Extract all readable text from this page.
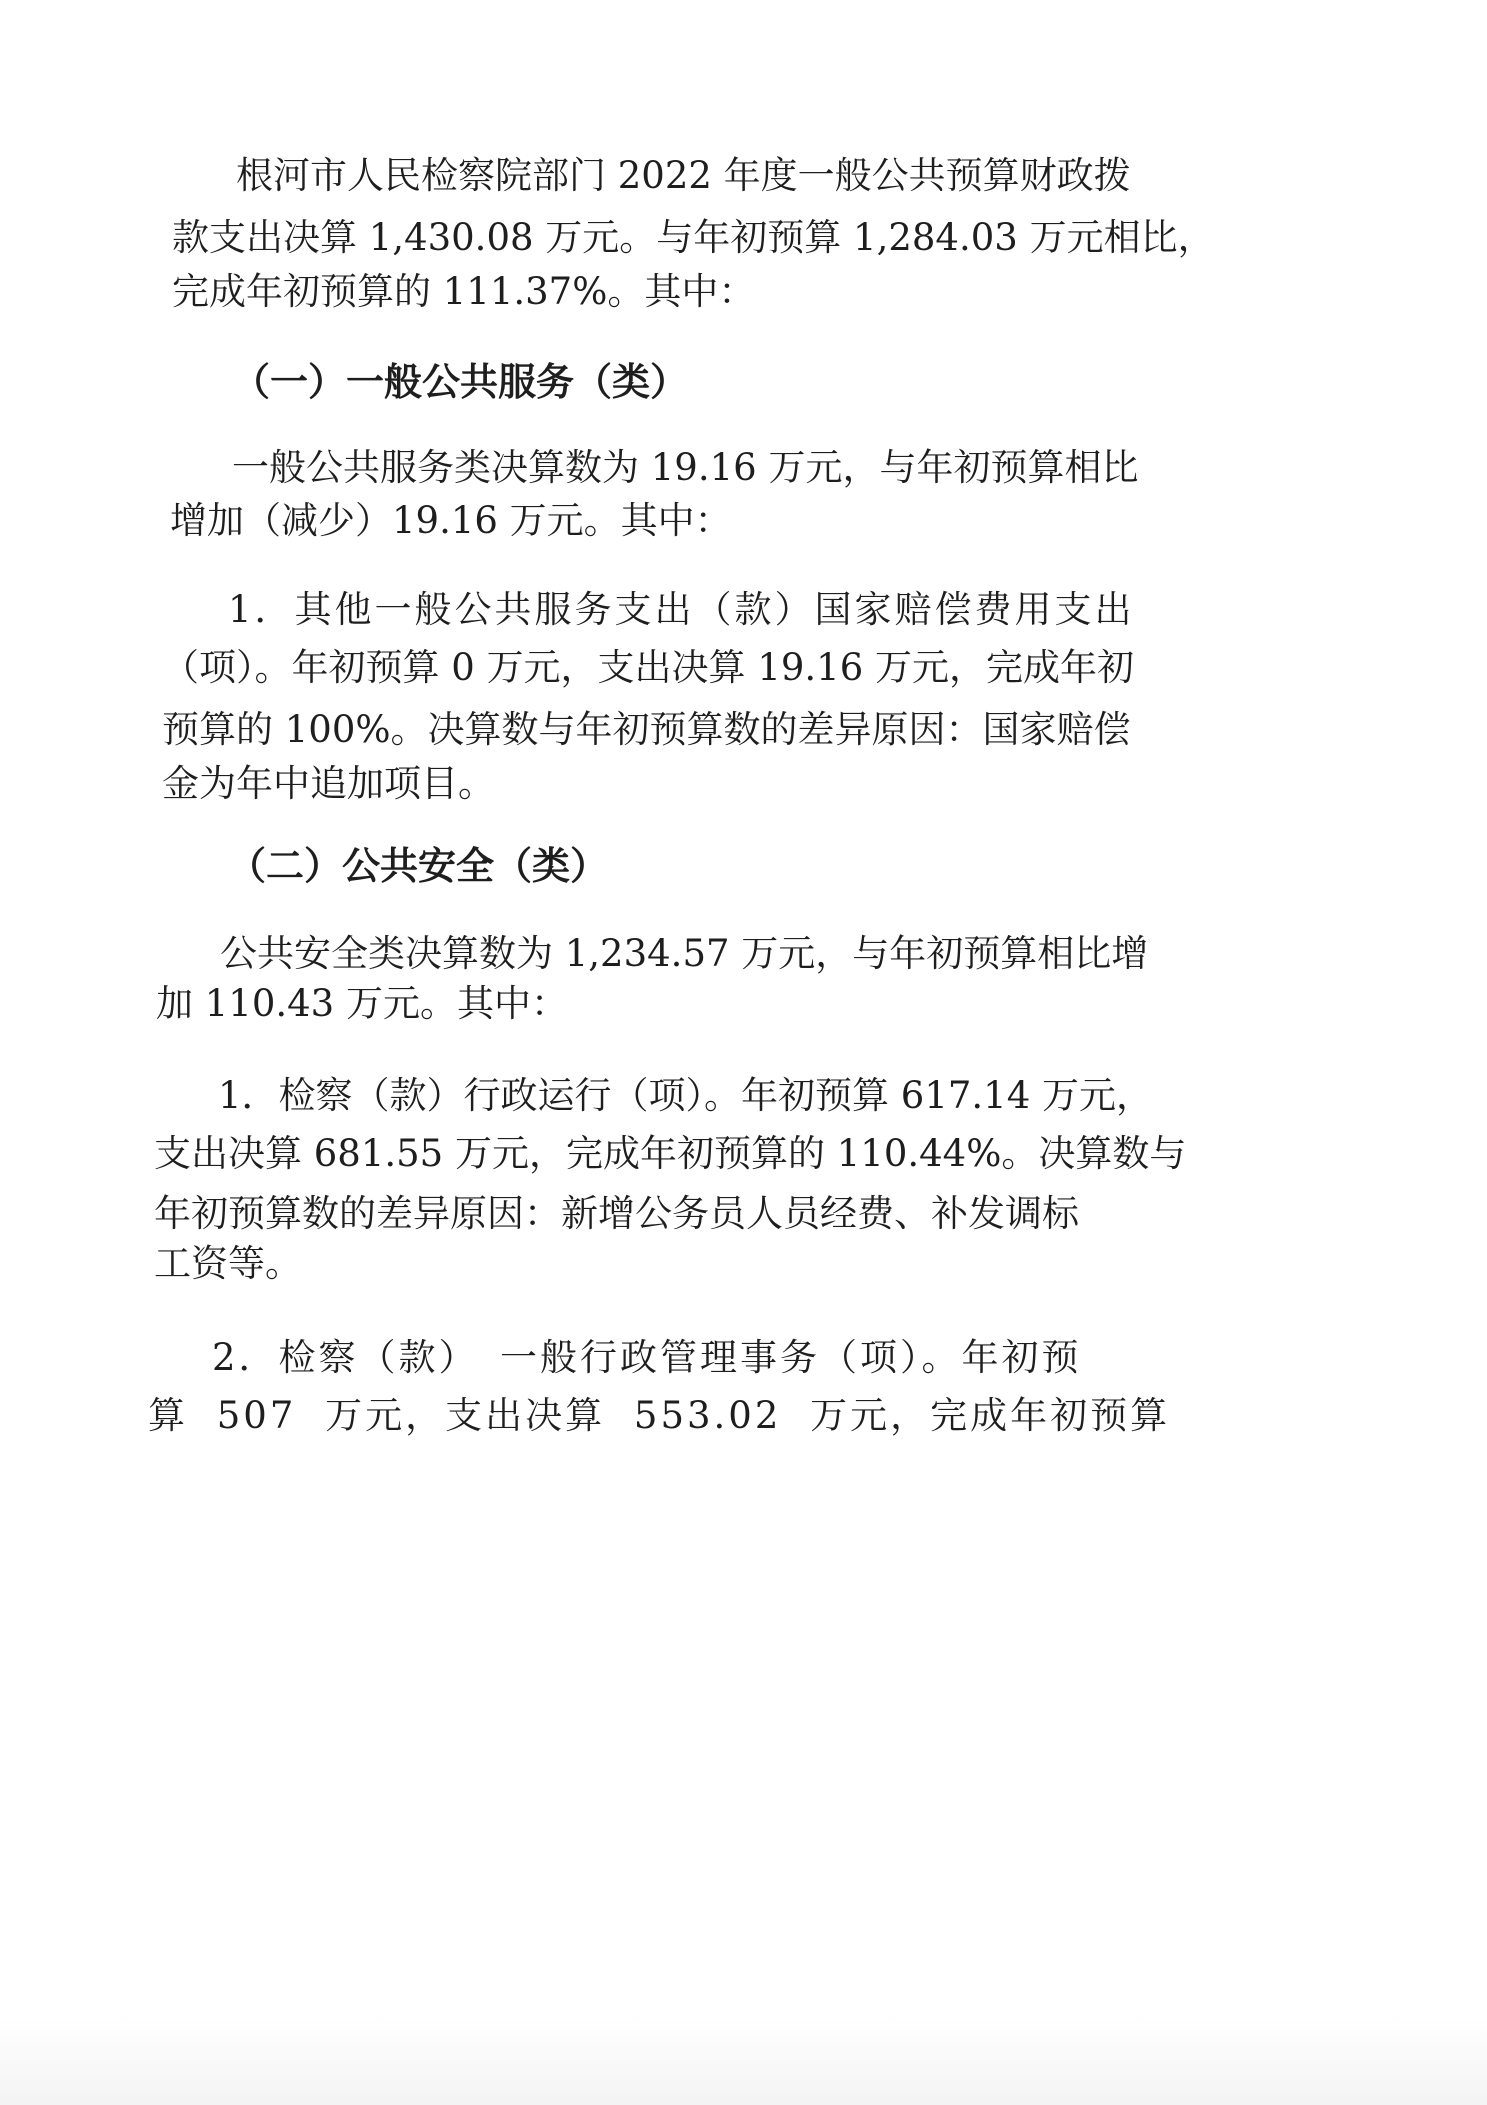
根河市人民检察院部门 2022 年度一般公共预算财政拨

款支出决算 1,430.08 万元。与年初预算 1,284.03 万元相比，

完成年初预算的 111.37%。其中：

（一）一般公共服务（类）

一般公共服务类决算数为 19.16 万元，与年初预算相比

增加（减少）19.16 万元。其中：

1．其他一般公共服务支出（款）国家赔偿费用支出

（项）。年初预算 0 万元，支出决算 19.16 万元，完成年初

预算的 100%。决算数与年初预算数的差异原因：国家赔偿

金为年中追加项目。

（二）公共安全（类）

公共安全类决算数为 1,234.57 万元，与年初预算相比增

加 110.43 万元。其中：

1．检察（款）行政运行（项）。年初预算 617.14 万元，

支出决算 681.55 万元，完成年初预算的 110.44%。决算数与

年初预算数的差异原因：新增公务员人员经费、补发调标

工资等。

2．检察（款）　一般行政管理事务（项）。年初预

算 507 万元，支出决算 553.02 万元，完成年初预算
